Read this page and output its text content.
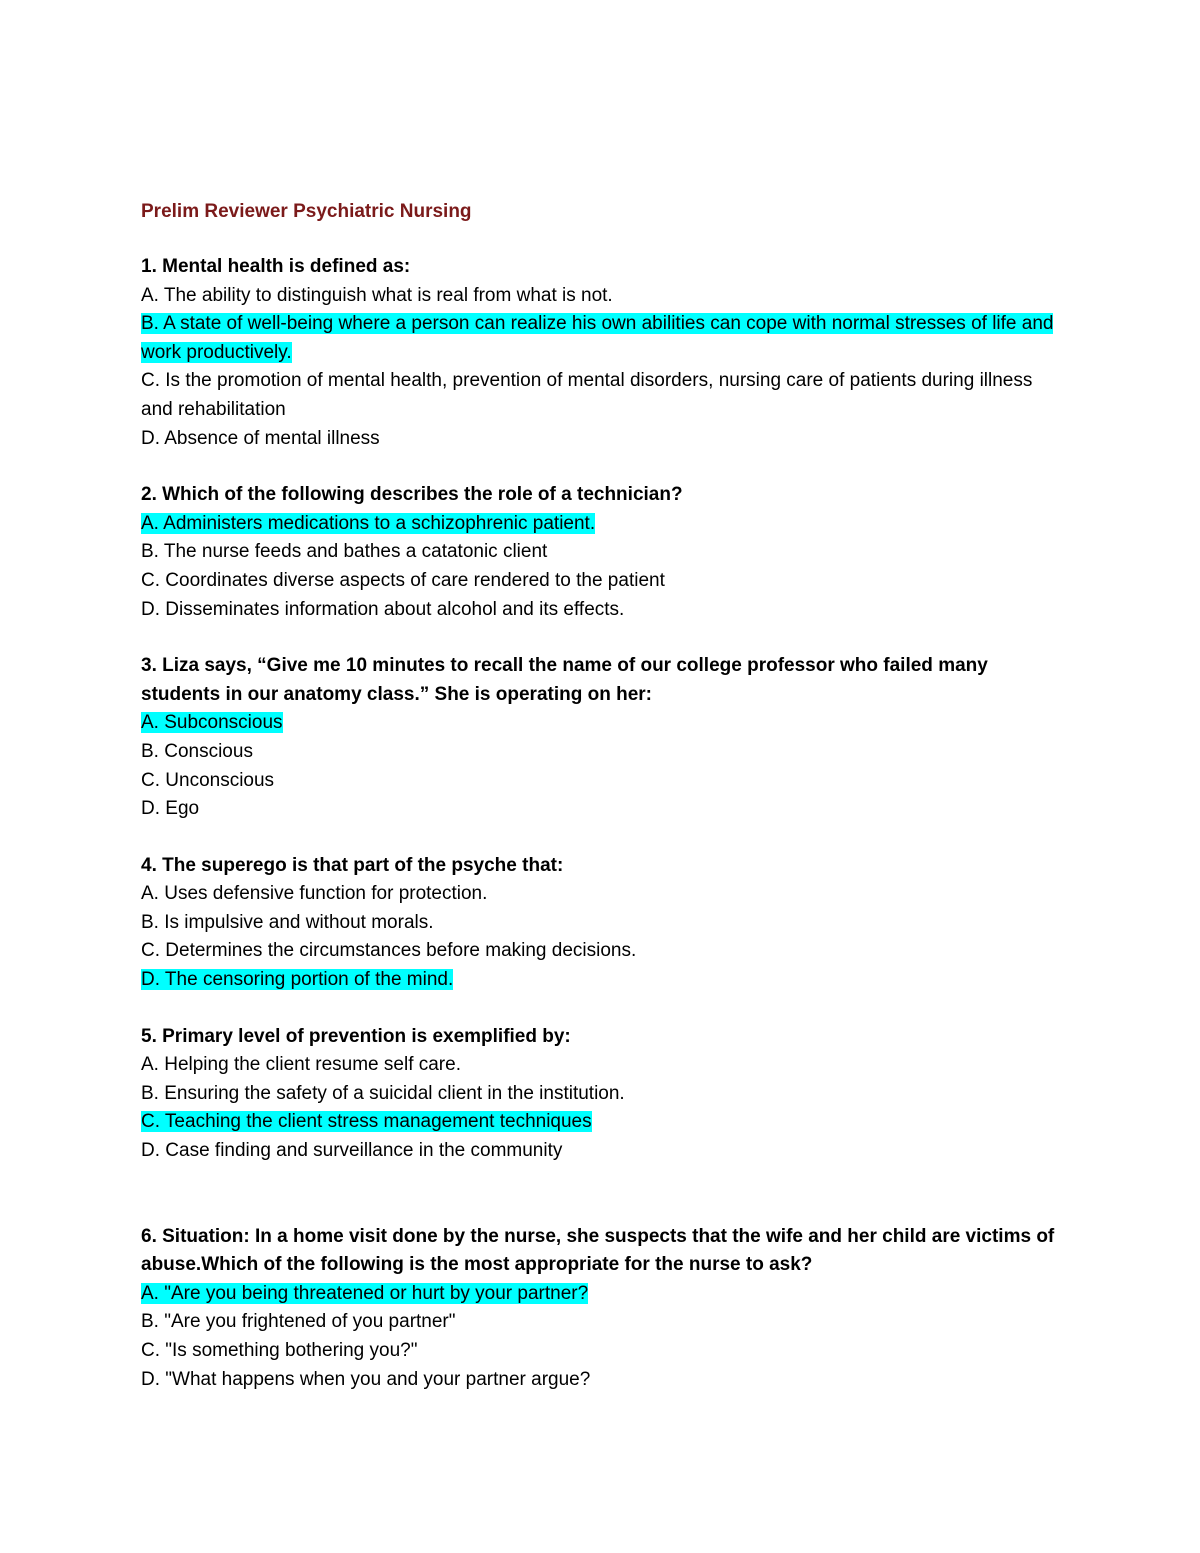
Prelim Reviewer Psychiatric Nursing

1. Mental health is defined as:

A. The ability to distinguish what is real from what is not.

B. A state of well-being where a person can realize his own abilities can cope with normal stresses of life and work productively.

C. Is the promotion of mental health, prevention of mental disorders, nursing care of patients during illness and rehabilitation

D. Absence of mental illness

2. Which of the following describes the role of a technician?

A. Administers medications to a schizophrenic patient.

B. The nurse feeds and bathes a catatonic client

C. Coordinates diverse aspects of care rendered to the patient

D. Disseminates information about alcohol and its effects.

3. Liza says, “Give me 10 minutes to recall the name of our college professor who failed many students in our anatomy class.” She is operating on her:

A. Subconscious

B. Conscious

C. Unconscious

D. Ego

4. The superego is that part of the psyche that:

A. Uses defensive function for protection.

B. Is impulsive and without morals.

C. Determines the circumstances before making decisions.

D. The censoring portion of the mind.

5. Primary level of prevention is exemplified by:

A. Helping the client resume self care.

B. Ensuring the safety of a suicidal client in the institution.

C. Teaching the client stress management techniques

D. Case finding and surveillance in the community

6. Situation: In a home visit done by the nurse, she suspects that the wife and her child are victims of abuse.Which of the following is the most appropriate for the nurse to ask?

A. "Are you being threatened or hurt by your partner?

B. "Are you frightened of you partner"

C. "Is something bothering you?"

D. "What happens when you and your partner argue?
